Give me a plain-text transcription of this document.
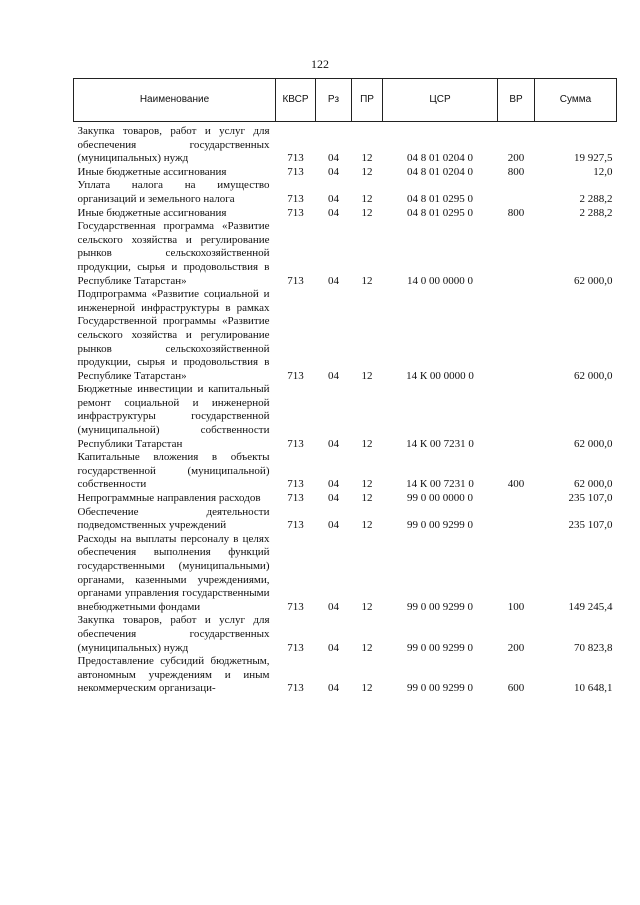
122
Наименование	КВСР	Рз	ПР	ЦСР	ВР	Сумма
Закупка товаров, работ и услуг для обеспечения государственных (муниципальных) нужд	713	04	12	04 8 01 0204 0	200	19 927,5
Иные бюджетные ассигнования	713	04	12	04 8 01 0204 0	800	12,0
Уплата налога на имущество организаций и земельного налога	713	04	12	04 8 01 0295 0		2 288,2
Иные бюджетные ассигнования	713	04	12	04 8 01 0295 0	800	2 288,2
Государственная программа «Развитие сельского хозяйства и регулирование рынков сельскохозяйственной продукции, сырья и продовольствия в Республике Татарстан»	713	04	12	14 0 00 0000 0		62 000,0
Подпрограмма «Развитие социальной и инженерной инфраструктуры в рамках Государственной программы «Развитие сельского хозяйства и регулирование рынков сельскохозяйственной продукции, сырья и продовольствия в Республике Татарстан»	713	04	12	14 К 00 0000 0		62 000,0
Бюджетные инвестиции и капитальный ремонт социальной и инженерной инфраструктуры государственной (муниципальной) собственности Республики Татарстан	713	04	12	14 К 00 7231 0		62 000,0
Капитальные вложения в объекты государственной (муниципальной) собственности	713	04	12	14 К 00 7231 0	400	62 000,0
Непрограммные направления расходов	713	04	12	99 0 00 0000 0		235 107,0
Обеспечение деятельности подведомственных учреждений	713	04	12	99 0 00 9299 0		235 107,0
Расходы на выплаты персоналу в целях обеспечения выполнения функций государственными (муниципальными) органами, казенными учреждениями, органами управления государственными внебюджетными фондами	713	04	12	99 0 00 9299 0	100	149 245,4
Закупка товаров, работ и услуг для обеспечения государственных (муниципальных) нужд	713	04	12	99 0 00 9299 0	200	70 823,8
Предоставление субсидий бюджетным, автономным учреждениям и иным некоммерческим организаци-	713	04	12	99 0 00 9299 0	600	10 648,1
